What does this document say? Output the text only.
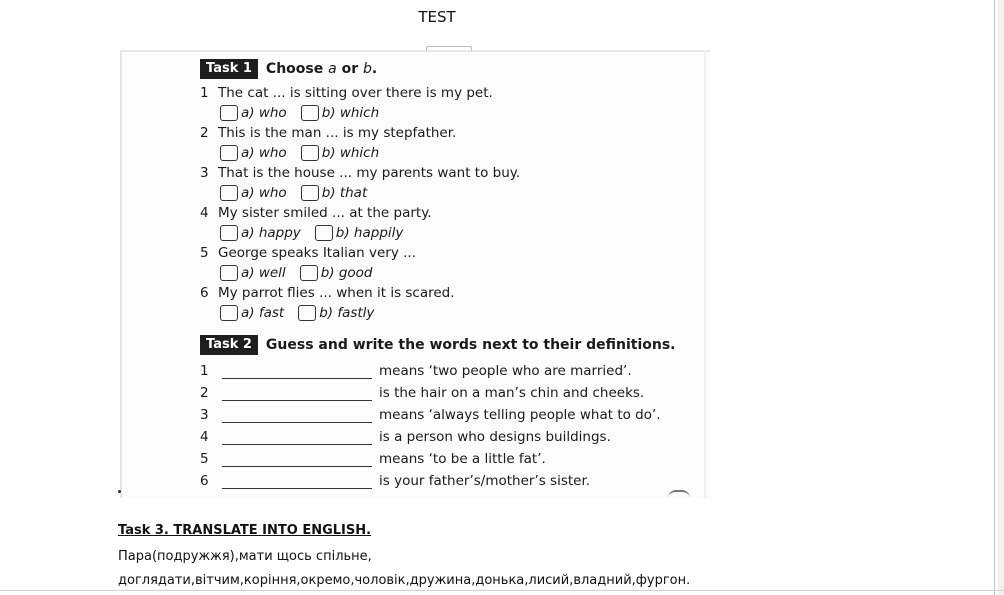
TEST
Task 1	Choose a or b.
1 The cat ... is sitting over there is my pet.
a) who	b) which
2 This is the man ... is my stepfather.
a) who	b) which
3 That is the house ... my parents want to buy.
a) who	b) that
4 My sister smiled ... at the party.
a) happy	b) happily
5 George speaks Italian very ...
a) well	b) good
6 My parrot flies ... when it is scared.
a) fast	b) fastly
Task 2	Guess and write the words next to their definitions.
1	means ‘two people who are married’.
2	is the hair on a man’s chin and cheeks.
3	means ‘always telling people what to do’.
4	is a person who designs buildings.
5	means ‘to be a little fat’.
6	is your father’s/mother’s sister.
Task 3. TRANSLATE INTO ENGLISH.
Пара(подружжя),мати щось спільне,
доглядати,вітчим,коріння,окремо,чоловік,дружина,донька,лисий,владний,фургон.
